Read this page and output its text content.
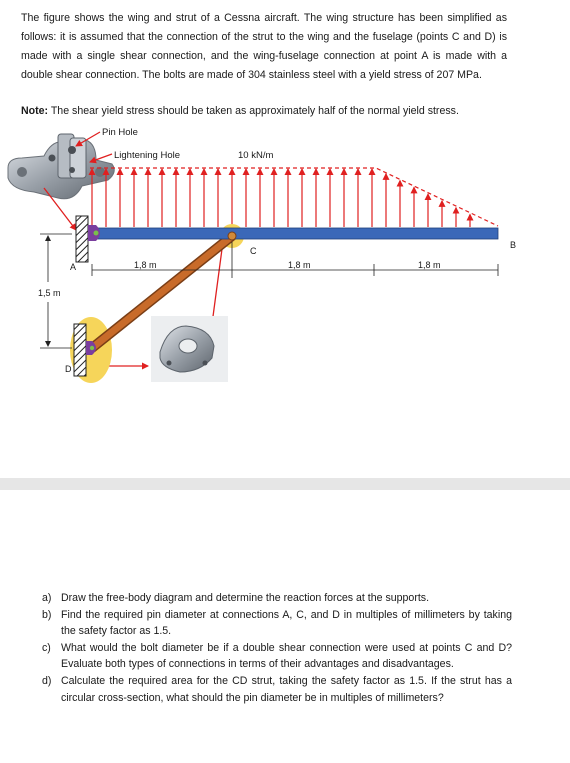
The figure shows the wing and strut of a Cessna aircraft. The wing structure has been simplified as follows: it is assumed that the connection of the strut to the wing and the fuselage (points C and D) is made with a single shear connection, and the wing-fuselage connection at point A is made with a double shear connection. The bolts are made of 304 stainless steel with a yield stress of 207 MPa.
Note: The shear yield stress should be taken as approximately half of the normal yield stress.
Pin Hole
Lightening Hole	10 kN/m
A
B
C
D
1,8 m	1,8 m	1,8 m
1,5 m
a) Draw the free-body diagram and determine the reaction forces at the supports.
b) Find the required pin diameter at connections A, C, and D in multiples of millimeters by taking the safety factor as 1.5.
c) What would the bolt diameter be if a double shear connection were used at points C and D? Evaluate both types of connections in terms of their advantages and disadvantages.
d) Calculate the required area for the CD strut, taking the safety factor as 1.5. If the strut has a circular cross-section, what should the pin diameter be in multiples of millimeters?
